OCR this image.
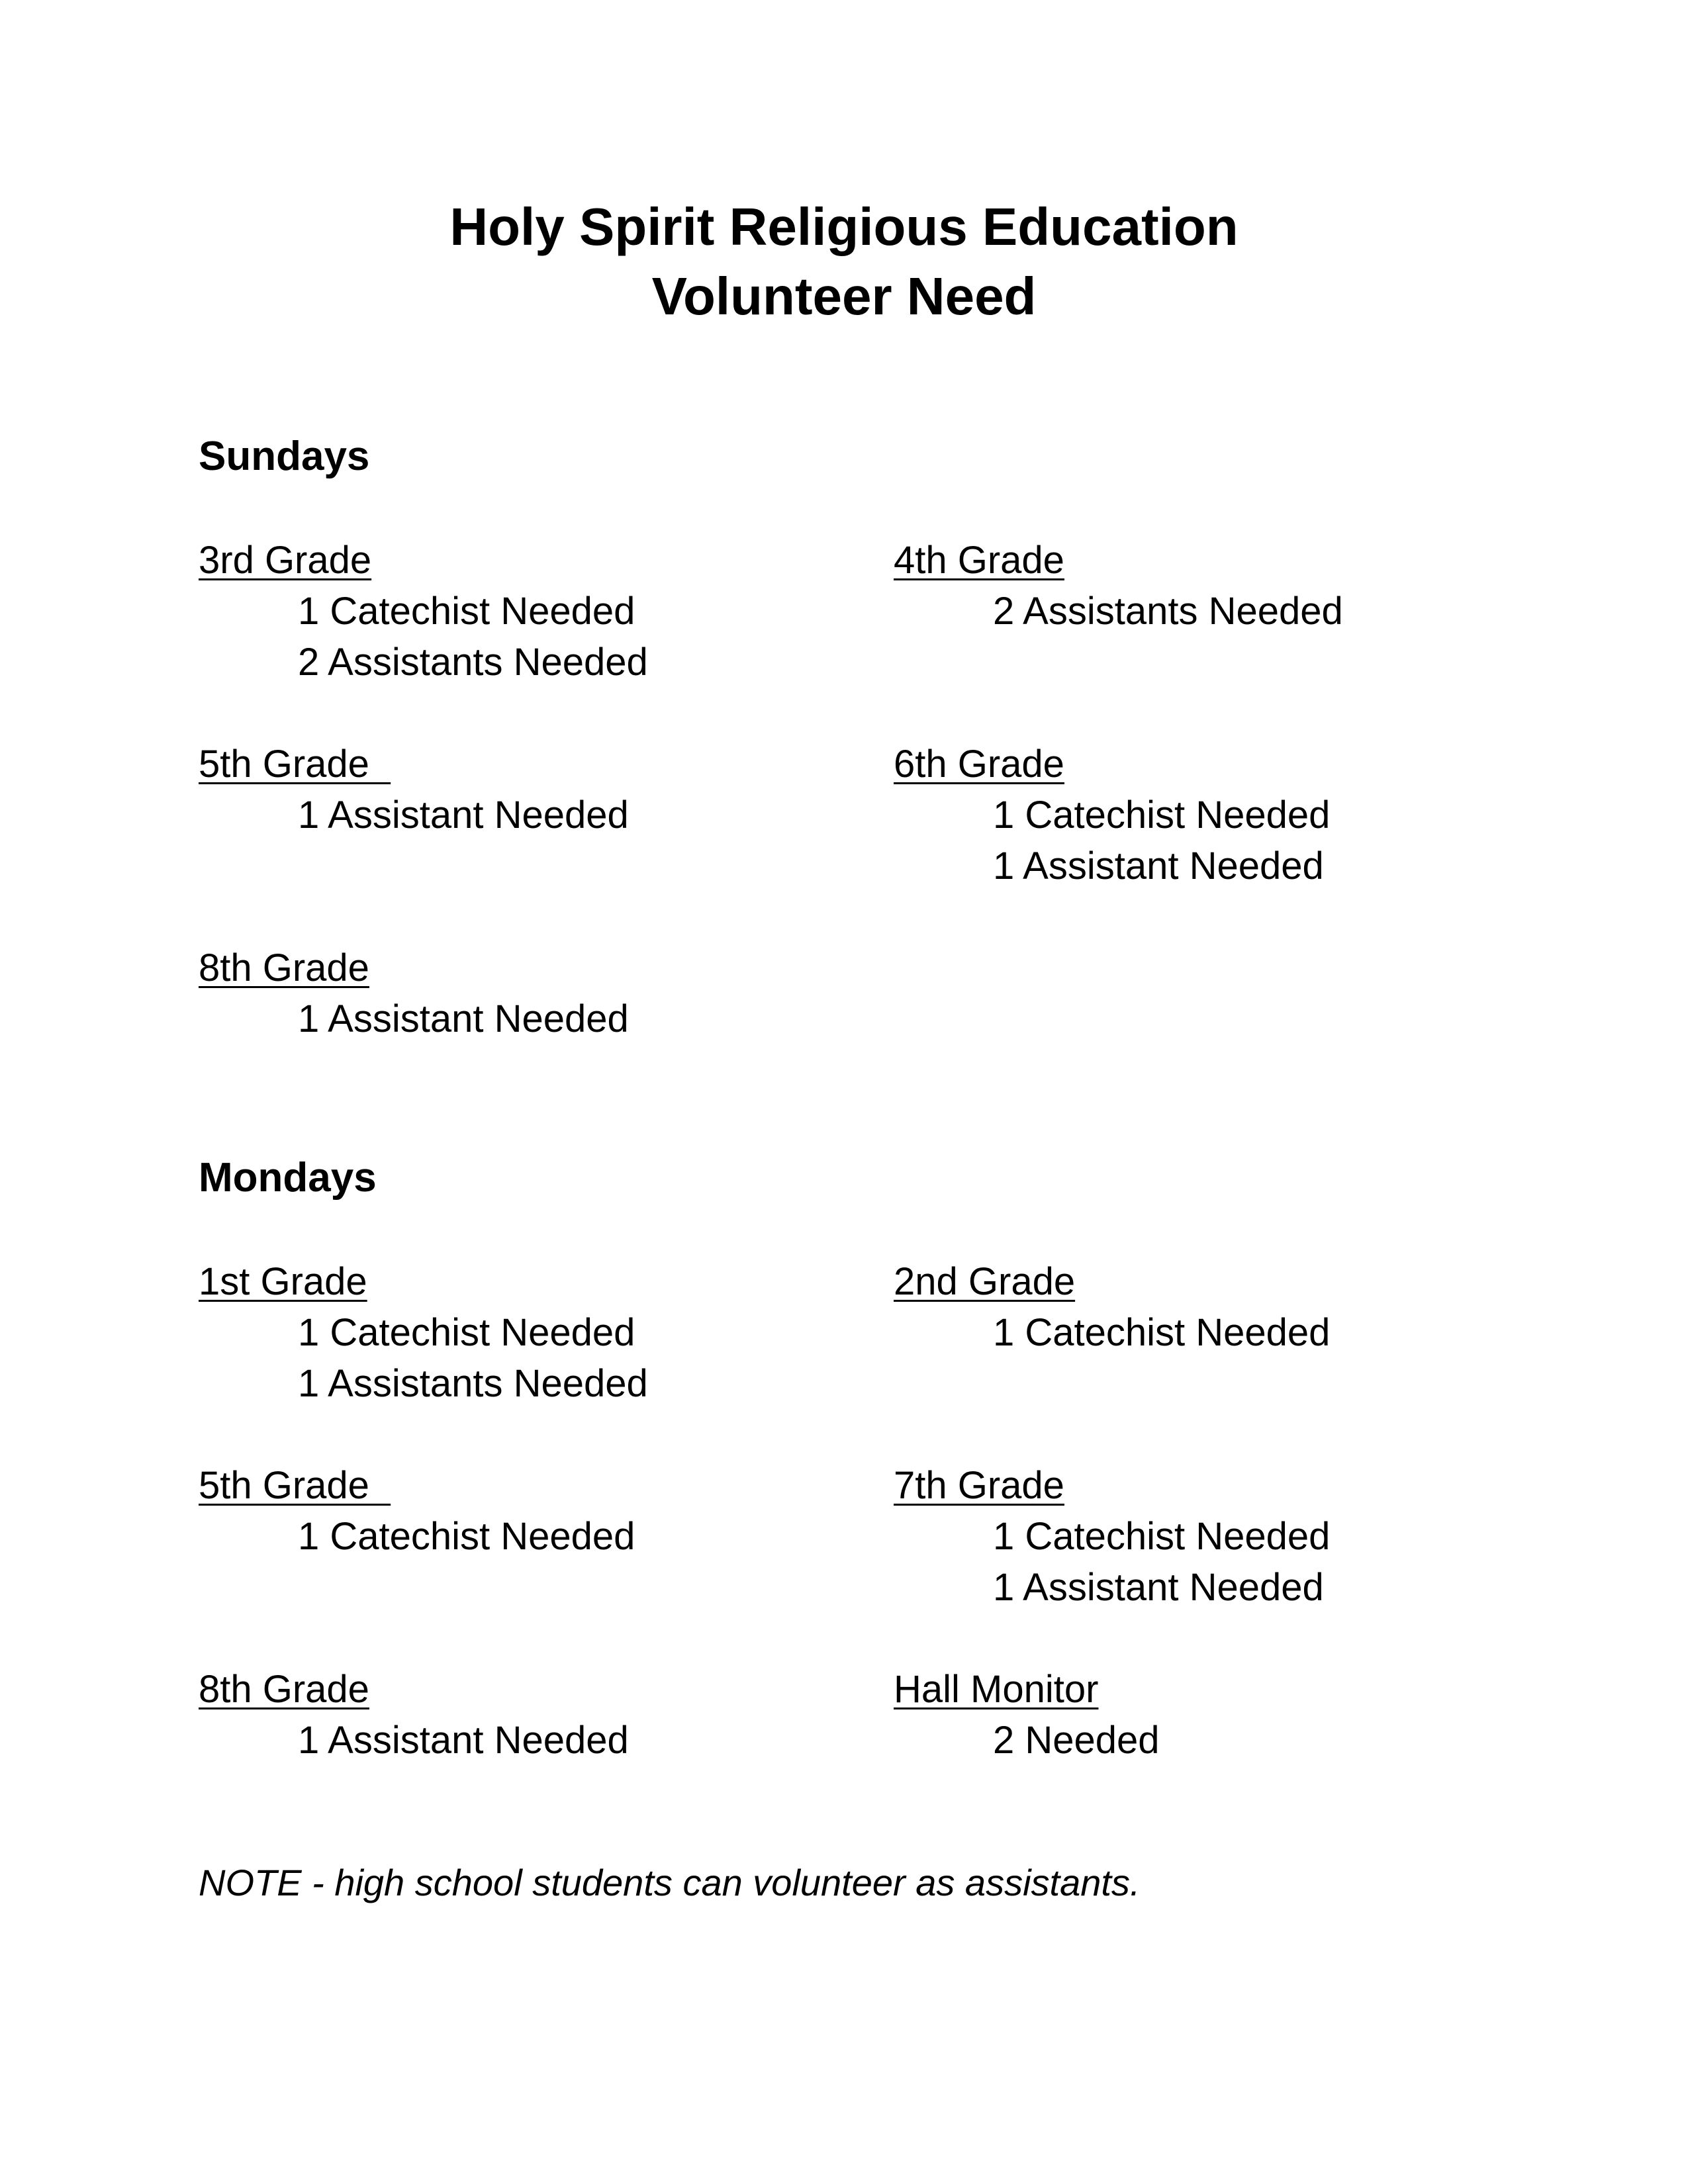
Holy Spirit Religious Education
Volunteer Need
Sundays
3rd Grade
1 Catechist Needed
2 Assistants Needed
4th Grade
2 Assistants Needed
5th Grade
1 Assistant Needed
6th Grade
1 Catechist Needed
1 Assistant Needed
8th Grade
1 Assistant Needed
Mondays
1st Grade
1 Catechist Needed
1 Assistants Needed
2nd Grade
1 Catechist Needed
5th Grade
1 Catechist Needed
7th Grade
1 Catechist Needed
1 Assistant Needed
8th Grade
1 Assistant Needed
Hall Monitor
2 Needed

NOTE - high school students can volunteer as assistants.
